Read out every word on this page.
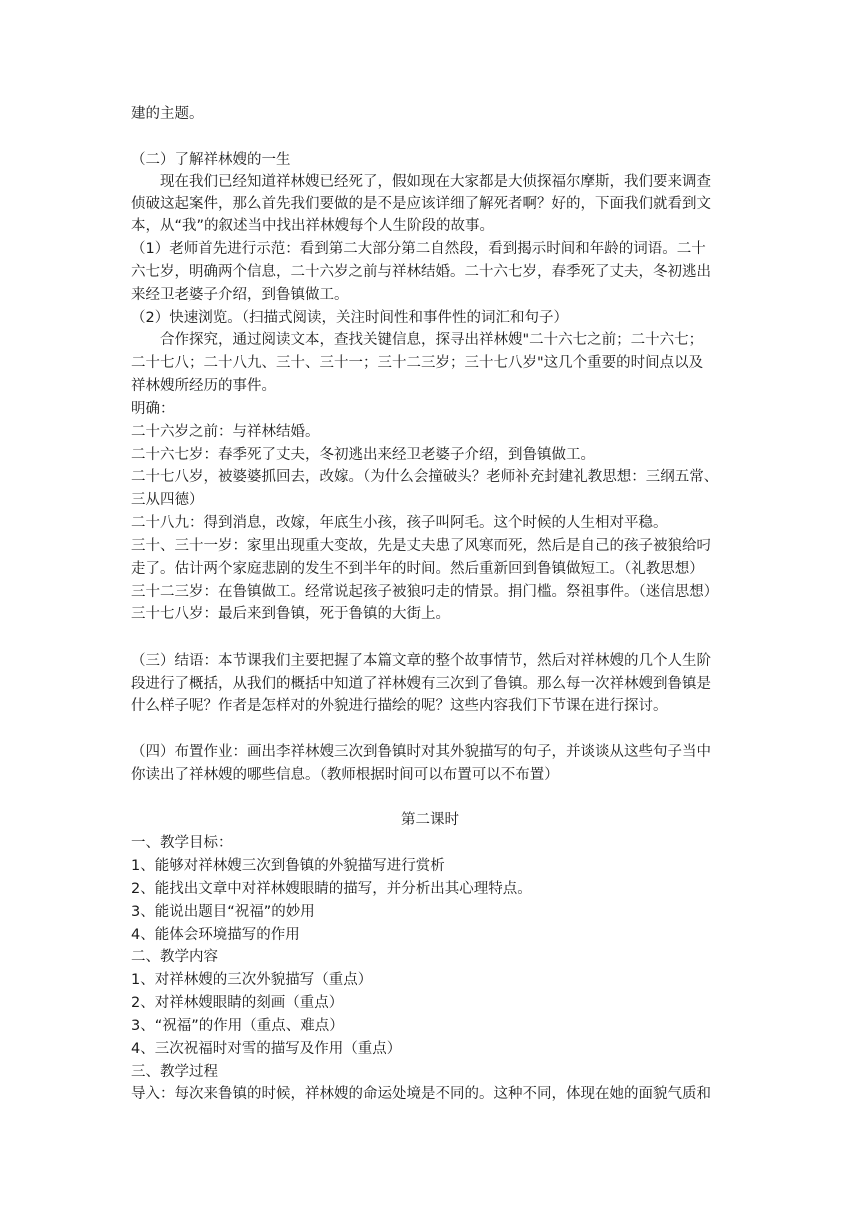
建的主题。
（二）了解祥林嫂的一生
　　现在我们已经知道祥林嫂已经死了，假如现在大家都是大侦探福尔摩斯，我们要来调查
侦破这起案件，那么首先我们要做的是不是应该详细了解死者啊？好的，下面我们就看到文
本，从“我”的叙述当中找出祥林嫂每个人生阶段的故事。
（1）老师首先进行示范：看到第二大部分第二自然段，看到揭示时间和年龄的词语。二十
六七岁，明确两个信息，二十六岁之前与祥林结婚。二十六七岁，春季死了丈夫，冬初逃出
来经卫老婆子介绍，到鲁镇做工。
（2）快速浏览。（扫描式阅读，关注时间性和事件性的词汇和句子）
　　合作探究，通过阅读文本，查找关键信息，探寻出祥林嫂"二十六七之前；二十六七；
二十七八；二十八九、三十、三十一；三十二三岁；三十七八岁"这几个重要的时间点以及
祥林嫂所经历的事件。
明确：
二十六岁之前：与祥林结婚。
二十六七岁：春季死了丈夫，冬初逃出来经卫老婆子介绍，到鲁镇做工。
二十七八岁，被婆婆抓回去，改嫁。（为什么会撞破头？老师补充封建礼教思想：三纲五常、
三从四德）
二十八九：得到消息，改嫁，年底生小孩，孩子叫阿毛。这个时候的人生相对平稳。
三十、三十一岁：家里出现重大变故，先是丈夫患了风寒而死，然后是自己的孩子被狼给叼
走了。估计两个家庭悲剧的发生不到半年的时间。然后重新回到鲁镇做短工。（礼教思想）
三十二三岁：在鲁镇做工。经常说起孩子被狼叼走的情景。捐门槛。祭祖事件。（迷信思想）
三十七八岁：最后来到鲁镇，死于鲁镇的大街上。
（三）结语：本节课我们主要把握了本篇文章的整个故事情节，然后对祥林嫂的几个人生阶
段进行了概括，从我们的概括中知道了祥林嫂有三次到了鲁镇。那么每一次祥林嫂到鲁镇是
什么样子呢？作者是怎样对的外貌进行描绘的呢？这些内容我们下节课在进行探讨。
（四）布置作业：画出李祥林嫂三次到鲁镇时对其外貌描写的句子，并谈谈从这些句子当中
你读出了祥林嫂的哪些信息。（教师根据时间可以布置可以不布置）
第二课时
一、教学目标：
1、能够对祥林嫂三次到鲁镇的外貌描写进行赏析
2、能找出文章中对祥林嫂眼睛的描写，并分析出其心理特点。
3、能说出题目“祝福”的妙用
4、能体会环境描写的作用
二、教学内容
1、对祥林嫂的三次外貌描写（重点）
2、对祥林嫂眼睛的刻画（重点）
3、“祝福”的作用（重点、难点）
4、三次祝福时对雪的描写及作用（重点）
三、教学过程
导入：每次来鲁镇的时候，祥林嫂的命运处境是不同的。这种不同，体现在她的面貌气质和
